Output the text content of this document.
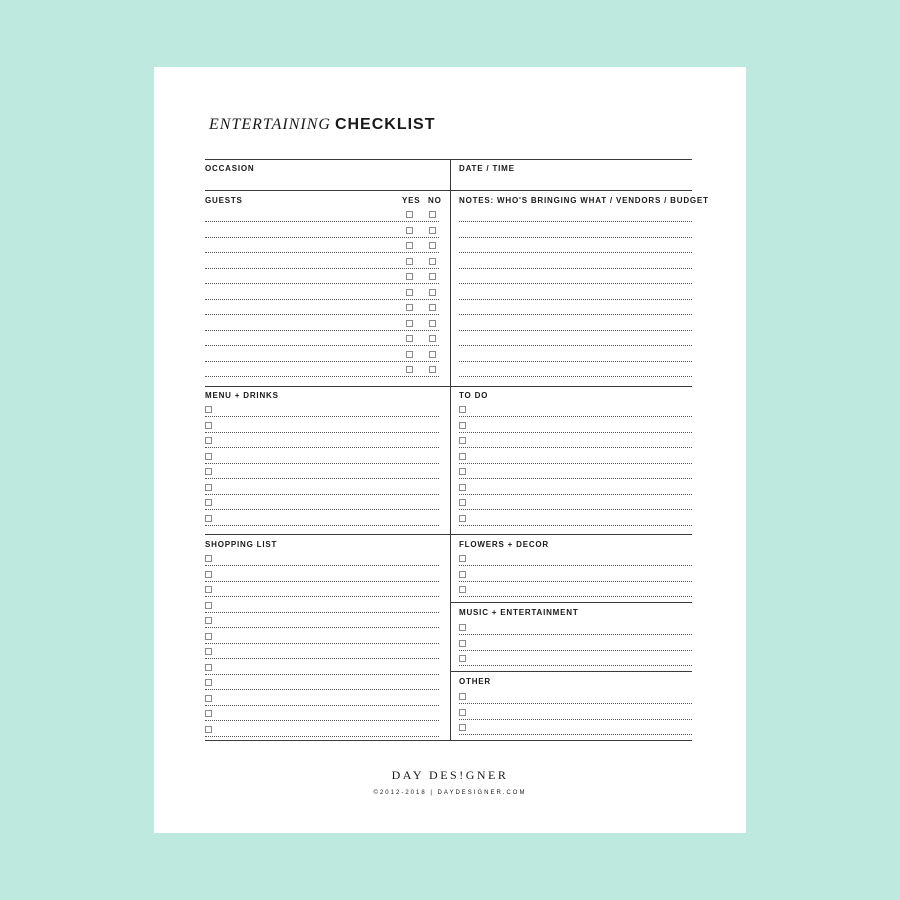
ENTERTAINING CHECKLIST
OCCASION	DATE / TIME
GUESTS	YES NO NOTES: WHO'S BRINGING WHAT / VENDORS / BUDGET
MENU + DRINKS	TO DO
SHOPPING LIST	FLOWERS + DECOR
MUSIC + ENTERTAINMENT
OTHER
DAY DES!GNER
©2012-2018 | DAYDESIGNER.COM
